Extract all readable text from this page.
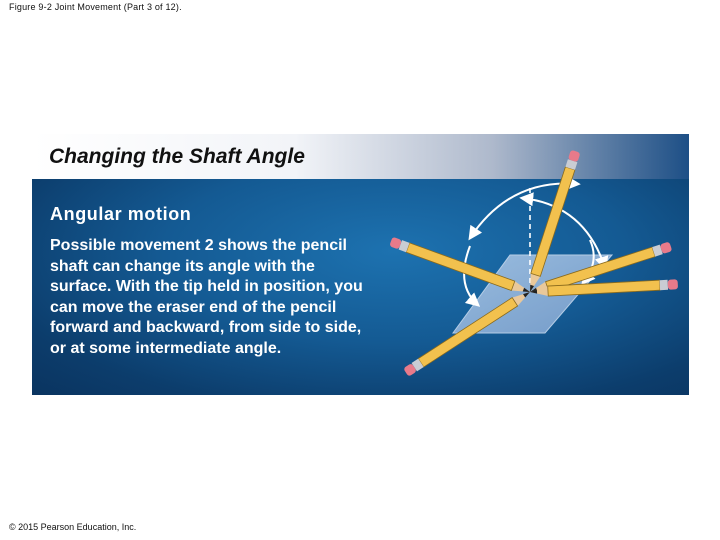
Figure 9-2 Joint Movement (Part 3 of 12).
Changing the Shaft Angle
Angular motion
Possible movement 2 shows the pencil
shaft can change its angle with the
surface. With the tip held in position, you
can move the eraser end of the pencil
forward and backward, from side to side,
or at some intermediate angle.
© 2015 Pearson Education, Inc.
